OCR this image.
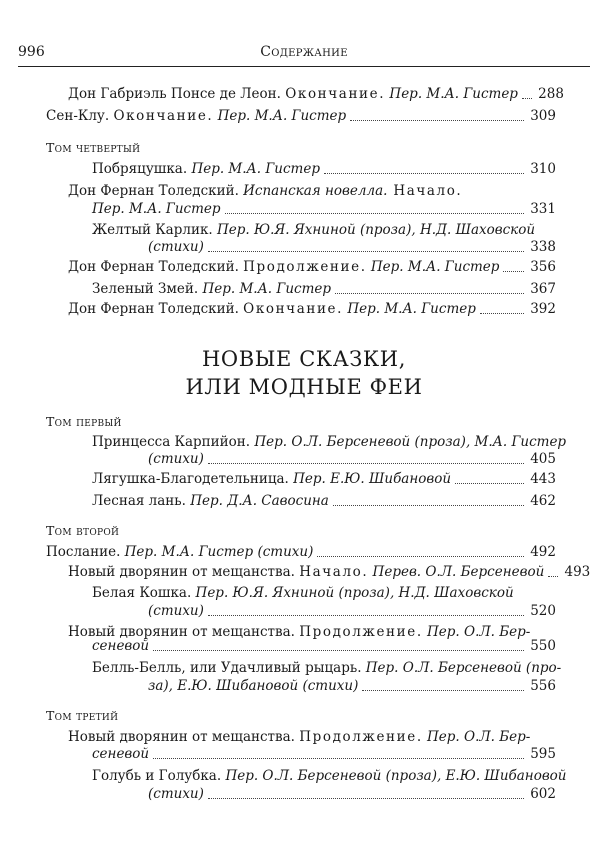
996	Содержание
Дон Габриэль Понсе де Леон. Окончание. Пер. М.А. Гистер 288
Сен-Клу. Окончание. Пер. М.А. Гистер	309
Том четвертый
Побряцушка. Пер. М.А. Гистер	310
Дон Фернан Толедский. Испанская новелла. Начало.
Пер. М.А. Гистер	331
Желтый Карлик. Пер. Ю.Я. Яхниной (проза), Н.Д. Шаховской
(стихи)	338
Дон Фернан Толедский. Продолжение. Пер. М.А. Гистер 356
Зеленый Змей. Пер. М.А. Гистер	367
Дон Фернан Толедский. Окончание. Пер. М.А. Гистер	392
НОВЫЕ СКАЗКИ,
ИЛИ МОДНЫЕ ФЕИ
Том первый
Принцесса Карпийон. Пер. О.Л. Берсеневой (проза), М.А. Гистер
(стихи)	405
Лягушка-Благодетельница. Пер. Е.Ю. Шибановой	443
Лесная лань. Пер. Д.А. Савосина	462
Том второй
Послание. Пер. М.А. Гистер (стихи)	492
Новый дворянин от мещанства. Начало. Перев. О.Л. Берсеневой 493
Белая Кошка. Пер. Ю.Я. Яхниной (проза), Н.Д. Шаховской
(стихи)	520
Новый дворянин от мещанства. Продолжение. Пер. О.Л. Бер-
сеневой	550
Белль-Белль, или Удачливый рыцарь. Пер. О.Л. Берсеневой (про-
за), Е.Ю. Шибановой (стихи)	556
Том третий
Новый дворянин от мещанства. Продолжение. Пер. О.Л. Бер-
сеневой	595
Голубь и Голубка. Пер. О.Л. Берсеневой (проза), Е.Ю. Шибановой
(стихи)	602
